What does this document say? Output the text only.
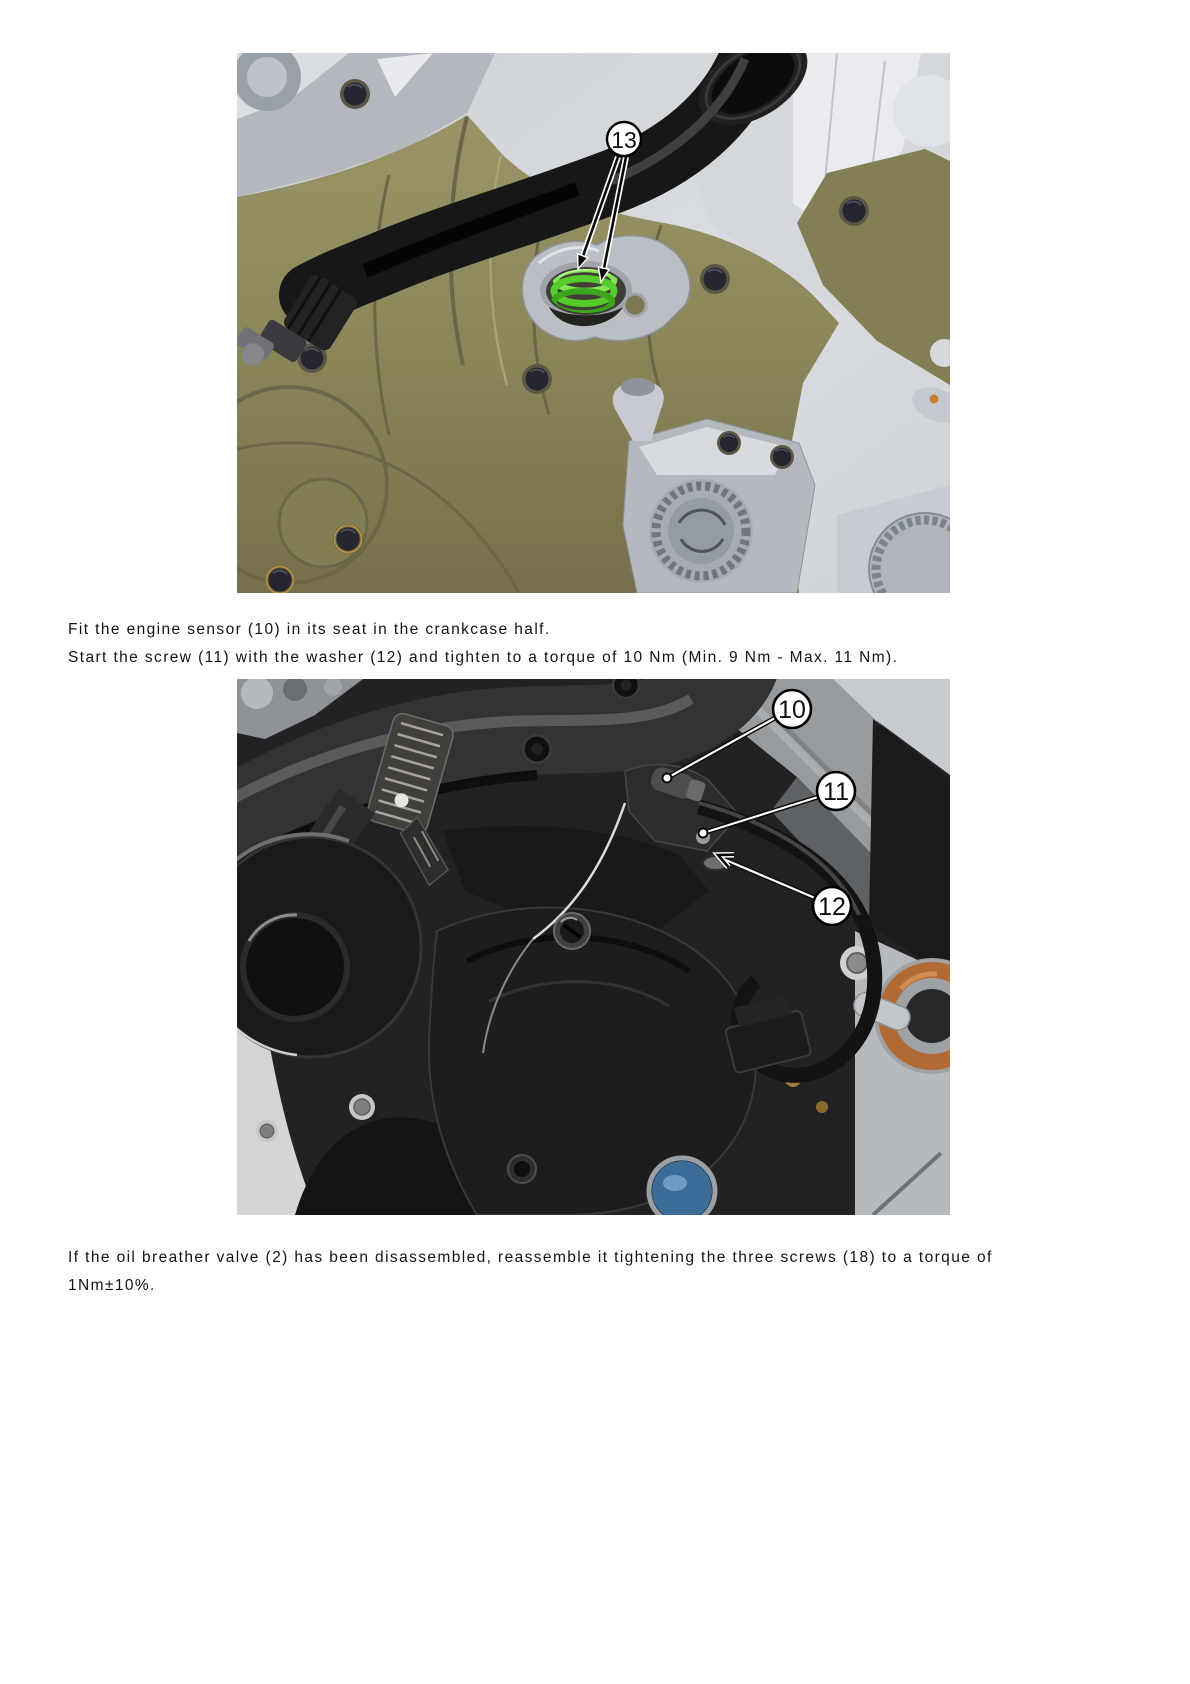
13
Fit the engine sensor (10) in its seat in the crankcase half.
Start the screw (11) with the washer (12) and tighten to a torque of 10 Nm (Min. 9 Nm - Max. 11 Nm).
10
11
12
If the oil breather valve (2) has been disassembled, reassemble it tightening the three screws (18) to a torque of
1Nm±10%.
